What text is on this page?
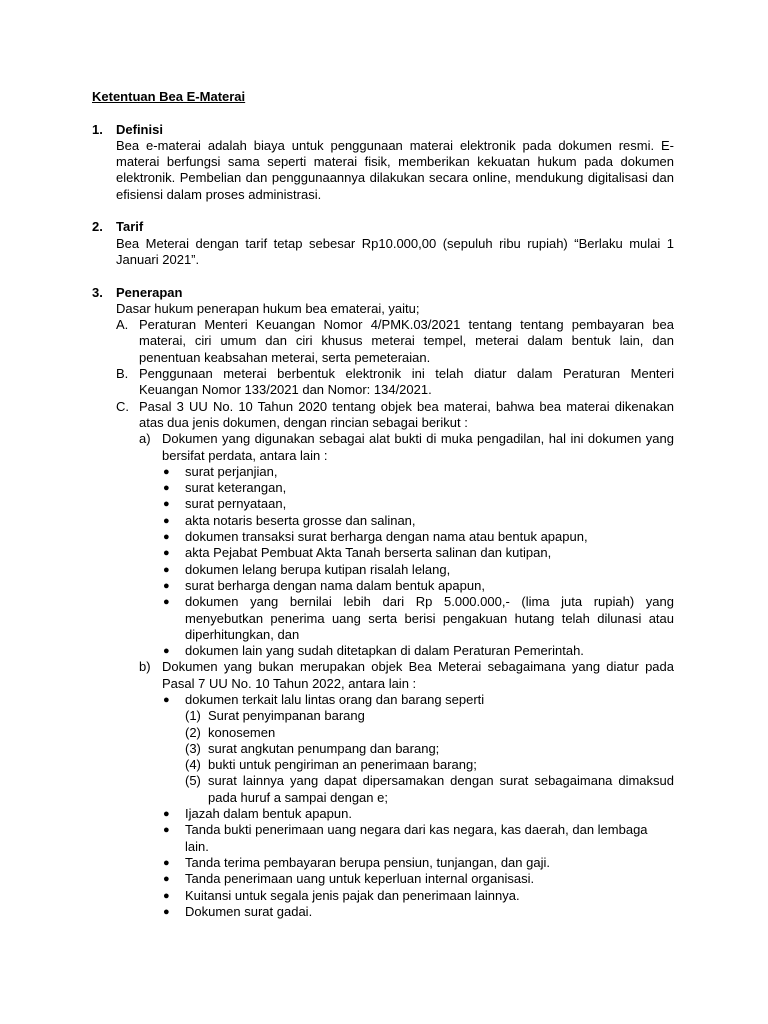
Ketentuan Bea E-Materai

1. Definisi

Bea e-materai adalah biaya untuk penggunaan materai elektronik pada dokumen resmi. E-materai berfungsi sama seperti materai fisik, memberikan kekuatan hukum pada dokumen elektronik. Pembelian dan penggunaannya dilakukan secara online, mendukung digitalisasi dan efisiensi dalam proses administrasi.

2. Tarif

Bea Meterai dengan tarif tetap sebesar Rp10.000,00 (sepuluh ribu rupiah) “Berlaku mulai 1 Januari 2021”.

3. Penerapan

Dasar hukum penerapan hukum bea ematerai, yaitu;

A. Peraturan Menteri Keuangan Nomor 4/PMK.03/2021 tentang tentang pembayaran bea materai, ciri umum dan ciri khusus meterai tempel, meterai dalam bentuk lain, dan penentuan keabsahan meterai, serta pemeteraian.

B. Penggunaan meterai berbentuk elektronik ini telah diatur dalam Peraturan Menteri Keuangan Nomor 133/2021 dan Nomor: 134/2021.

C. Pasal 3 UU No. 10 Tahun 2020 tentang objek bea materai, bahwa bea materai dikenakan atas dua jenis dokumen, dengan rincian sebagai berikut :

a) Dokumen yang digunakan sebagai alat bukti di muka pengadilan, hal ini dokumen yang bersifat perdata, antara lain :

● surat perjanjian,

● surat keterangan,

● surat pernyataan,

● akta notaris beserta grosse dan salinan,

● dokumen transaksi surat berharga dengan nama atau bentuk apapun,

● akta Pejabat Pembuat Akta Tanah berserta salinan dan kutipan,

● dokumen lelang berupa kutipan risalah lelang,

● surat berharga dengan nama dalam bentuk apapun,

● dokumen yang bernilai lebih dari Rp 5.000.000,- (lima juta rupiah) yang menyebutkan penerima uang serta berisi pengakuan hutang telah dilunasi atau diperhitungkan, dan

● dokumen lain yang sudah ditetapkan di dalam Peraturan Pemerintah.

b) Dokumen yang bukan merupakan objek Bea Meterai sebagaimana yang diatur pada Pasal 7 UU No. 10 Tahun 2022, antara lain :

● dokumen terkait lalu lintas orang dan barang seperti

(1) Surat penyimpanan barang

(2) konosemen

(3) surat angkutan penumpang dan barang;

(4) bukti untuk pengiriman an penerimaan barang;

(5) surat lainnya yang dapat dipersamakan dengan surat sebagaimana dimaksud pada huruf a sampai dengan e;

● Ijazah dalam bentuk apapun.

● Tanda bukti penerimaan uang negara dari kas negara, kas daerah, dan lembaga lain.

● Tanda terima pembayaran berupa pensiun, tunjangan, dan gaji.

● Tanda penerimaan uang untuk keperluan internal organisasi.

● Kuitansi untuk segala jenis pajak dan penerimaan lainnya.

● Dokumen surat gadai.
